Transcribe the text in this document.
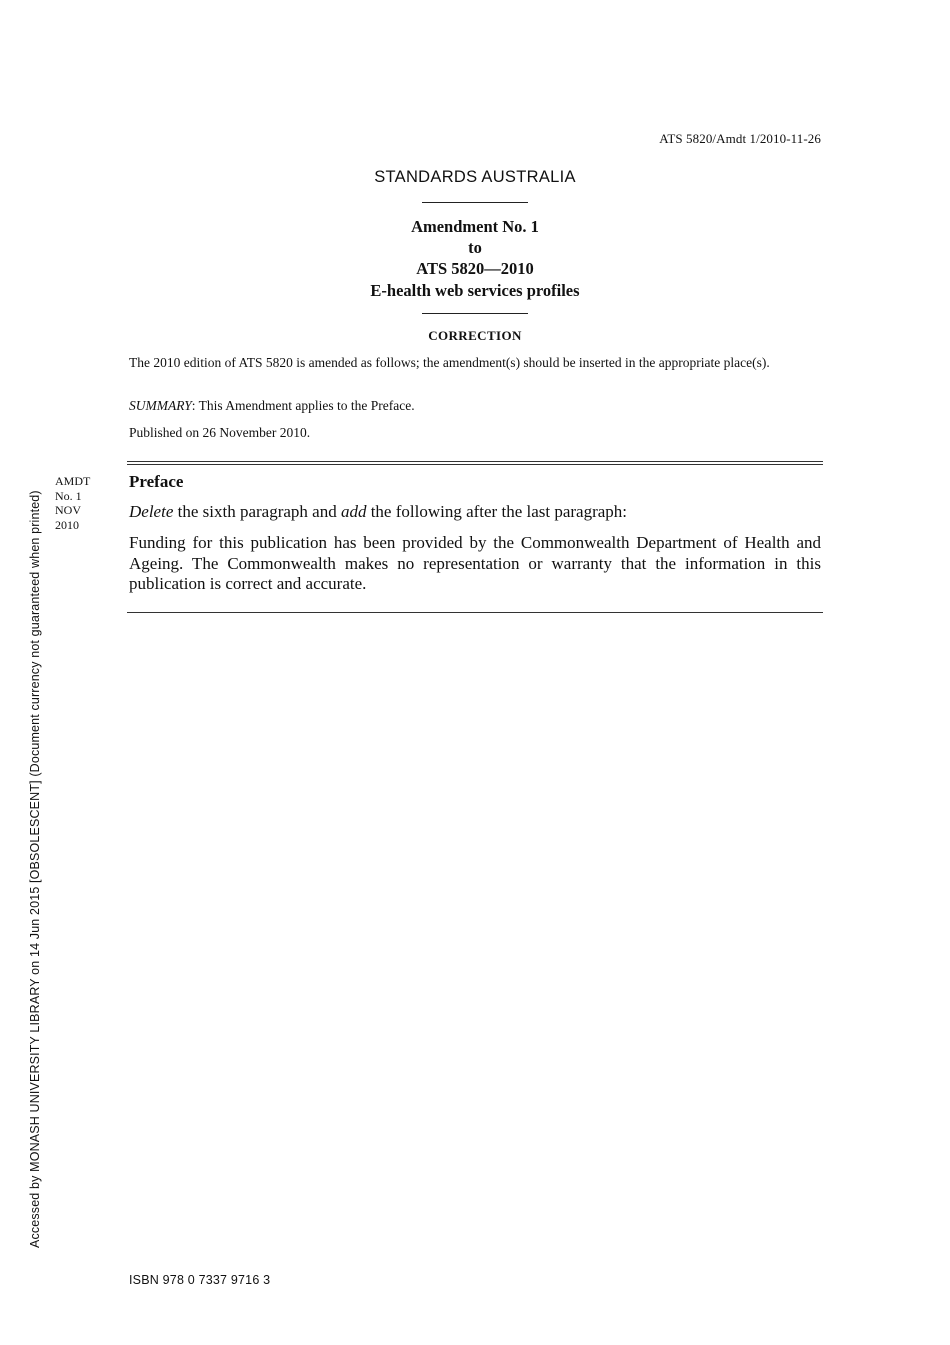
ATS 5820/Amdt 1/2010-11-26
STANDARDS AUSTRALIA
Amendment No. 1
to
ATS 5820—2010
E-health web services profiles
CORRECTION
The 2010 edition of ATS 5820 is amended as follows; the amendment(s) should be inserted in the appropriate place(s).
SUMMARY: This Amendment applies to the Preface.
Published on 26 November 2010.
AMDT
No. 1
NOV
2010
Preface
Delete the sixth paragraph and add the following after the last paragraph:
Funding for this publication has been provided by the Commonwealth Department of Health and Ageing. The Commonwealth makes no representation or warranty that the information in this publication is correct and accurate.
Accessed by MONASH UNIVERSITY LIBRARY on 14 Jun 2015 [OBSOLESCENT] (Document currency not guaranteed when printed)
ISBN 978 0 7337 9716 3
